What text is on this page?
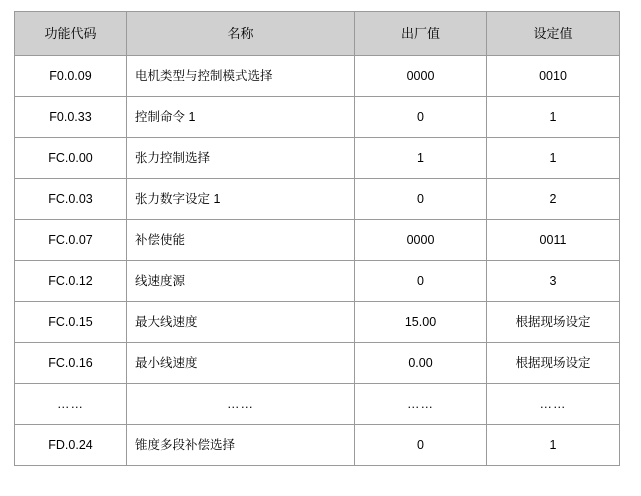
功能代码	名称	出厂值	设定值
F0.0.09	电机类型与控制模式选择	0000	0010
F0.0.33	控制命令 1	0	1
FC.0.00	张力控制选择	1	1
FC.0.03	张力数字设定 1	0	2
FC.0.07	补偿使能	0000	0011
FC.0.12	线速度源	0	3
FC.0.15	最大线速度	15.00	根据现场设定
FC.0.16	最小线速度	0.00	根据现场设定
……	……	……	……
FD.0.24	锥度多段补偿选择	0	1
